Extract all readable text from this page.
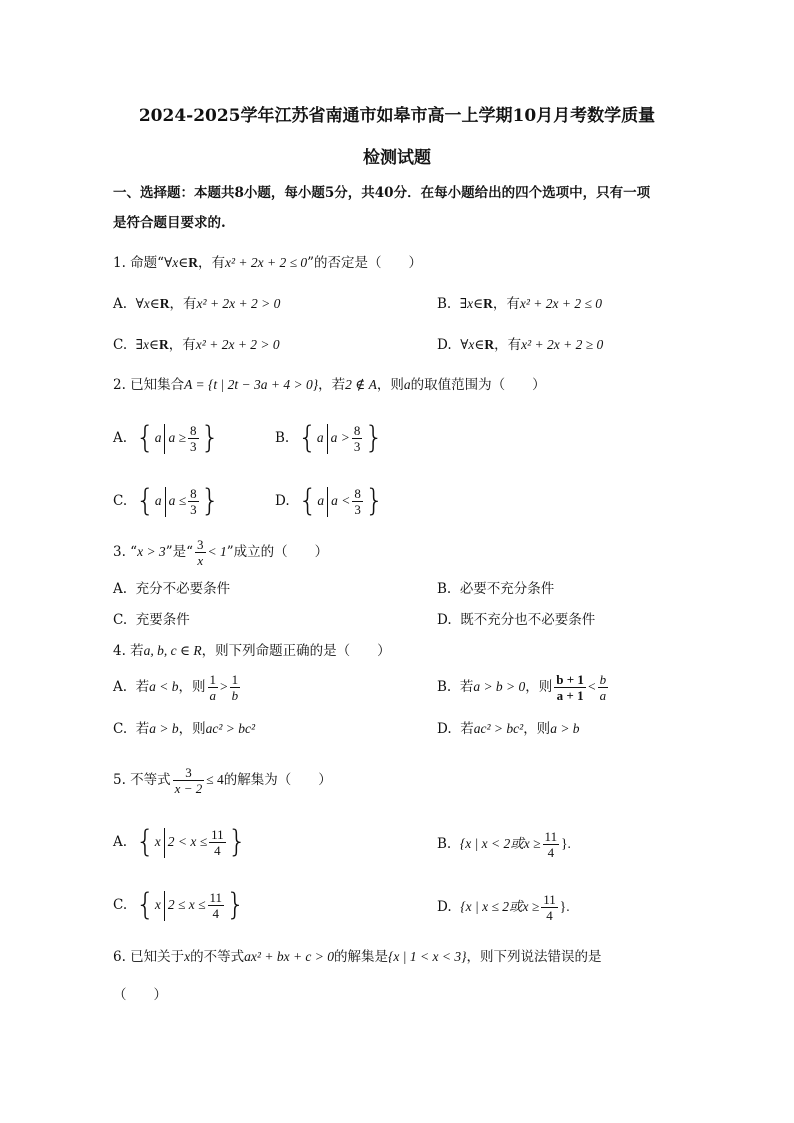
2024-2025学年江苏省南通市如皋市高一上学期10月月考数学质量
检测试题
一、选择题：本题共8小题，每小题5分，共40分．在每小题给出的四个选项中，只有一项
是符合题目要求的.
1. 命题“∀x∈R，有x² + 2x + 2 ≤ 0”的否定是（　　）
A. ∀x∈R，有x² + 2x + 2 > 0	B. ∃x∈R，有x² + 2x + 2 ≤ 0
C. ∃x∈R，有x² + 2x + 2 > 0	D. ∀x∈R，有x² + 2x + 2 ≥ 0
2. 已知集合A = {t | 2t − 3a + 4 > 0}，若2 ∉ A，则a的取值范围为（　　）
A. {a $a \ge \frac{8}{3}$ }	B. {a $a > \frac{8}{3}$ }
C. {a $a \le \frac{8}{3}$ }	D. {a $a < \frac{8}{3}$ }
3. “x > 3”是“ $\frac{3}{x} < 1$”成立的（　　）
A. 充分不必要条件	B. 必要不充分条件
C. 充要条件	D. 既不充分也不必要条件
4. 若a, b, c ∈ R，则下列命题正确的是（　　）
A. 若a < b，则 $\frac{1}{a} > \frac{1}{b}$	B. 若a > b > 0，则 $\frac{b + 1}{a + 1} < \frac{b}{a}$
C. 若a > b，则ac² > bc²	D. 若ac² > bc²，则a > b
5. 不等式 $\frac{3}{x - 2} \le 4$的解集为（　　）
A. {x $2 < x \le \frac{11}{4}$ }	B. {x | x < 2或$x \ge \frac{11}{4}$ }.
C. {x $2 \le x \le \frac{11}{4}$ }	D. {x | x ≤ 2或$x \ge \frac{11}{4}$ }.
6. 已知关于x的不等式ax² + bx + c > 0的解集是{x | 1 < x < 3}，则下列说法错误的是
（　　）
